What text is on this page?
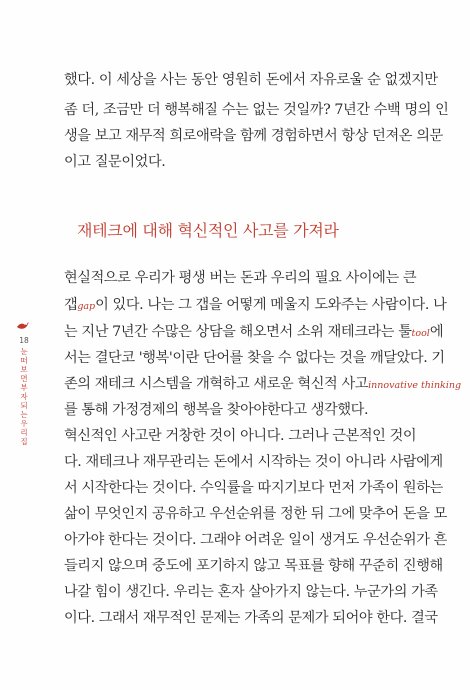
했다. 이 세상을 사는 동안 영원히 돈에서 자유로울 순 없겠지만
좀 더, 조금만 더 행복해질 수는 없는 것일까? 7년간 수백 명의 인
생을 보고 재무적 희로애락을 함께 경험하면서 항상 던져온 의문
이고 질문이었다.
재테크에 대해 혁신적인 사고를 가져라
현실적으로 우리가 평생 버는 돈과 우리의 필요 사이에는 큰
갭gap이 있다. 나는 그 갭을 어떻게 메울지 도와주는 사람이다. 나
는 지난 7년간 수많은 상담을 해오면서 소위 재테크라는 툴tool에
서는 결단코 '행복'이란 단어를 찾을 수 없다는 것을 깨달았다. 기
존의 재테크 시스템을 개혁하고 새로운 혁신적 사고innovative thinking
를 통해 가정경제의 행복을 찾아야한다고 생각했다.
혁신적인 사고란 거창한 것이 아니다. 그러나 근본적인 것이
다. 재테크나 재무관리는 돈에서 시작하는 것이 아니라 사람에게
서 시작한다는 것이다. 수익률을 따지기보다 먼저 가족이 원하는
삶이 무엇인지 공유하고 우선순위를 정한 뒤 그에 맞추어 돈을 모
아가야 한다는 것이다. 그래야 어려운 일이 생겨도 우선순위가 흔
들리지 않으며 중도에 포기하지 않고 목표를 향해 꾸준히 진행해
나갈 힘이 생긴다. 우리는 혼자 살아가지 않는다. 누군가의 가족
이다. 그래서 재무적인 문제는 가족의 문제가 되어야 한다. 결국
18
눈 떠 보면 부자 되는 우리 집
